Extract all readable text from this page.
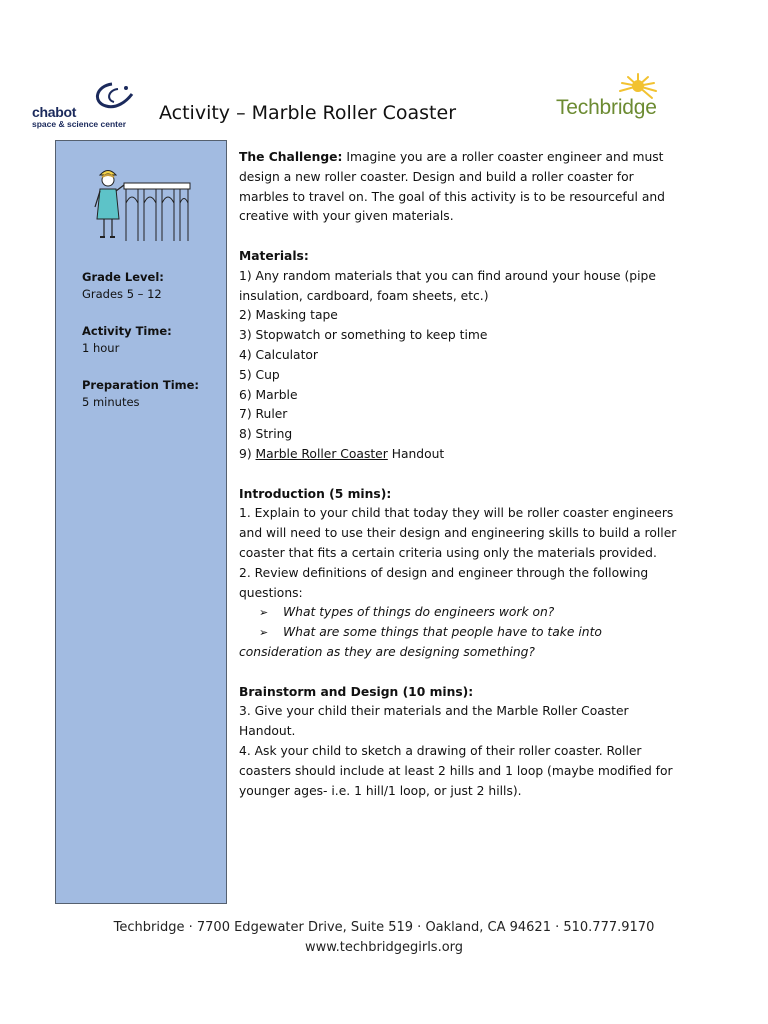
chabot
space & science center Activity – Marble Roller Coaster	Techbridge
Grade Level:
Grades 5 – 12
Activity Time:
1 hour
Preparation Time:
5 minutes

The Challenge: Imagine you are a roller coaster engineer and must design a new roller coaster. Design and build a roller coaster for marbles to travel on. The goal of this activity is to be resourceful and creative with your given materials.

Materials:

1) Any random materials that you can find around your house (pipe insulation, cardboard, foam sheets, etc.)

2) Masking tape

3) Stopwatch or something to keep time

4) Calculator

5) Cup

6) Marble

7) Ruler

8) String

9) Marble Roller Coaster Handout

Introduction (5 mins):

1. Explain to your child that today they will be roller coaster engineers and will need to use their design and engineering skills to build a roller coaster that fits a certain criteria using only the materials provided.

2. Review definitions of design and engineer through the following questions:

➢ What types of things do engineers work on?

➢ What are some things that people have to take into consideration as they are designing something?

Brainstorm and Design (10 mins):

3. Give your child their materials and the Marble Roller Coaster Handout.

4. Ask your child to sketch a drawing of their roller coaster. Roller coasters should include at least 2 hills and 1 loop (maybe modified for younger ages- i.e. 1 hill/1 loop, or just 2 hills).

Techbridge · 7700 Edgewater Drive, Suite 519 · Oakland, CA 94621 · 510.777.9170
www.techbridgegirls.org
